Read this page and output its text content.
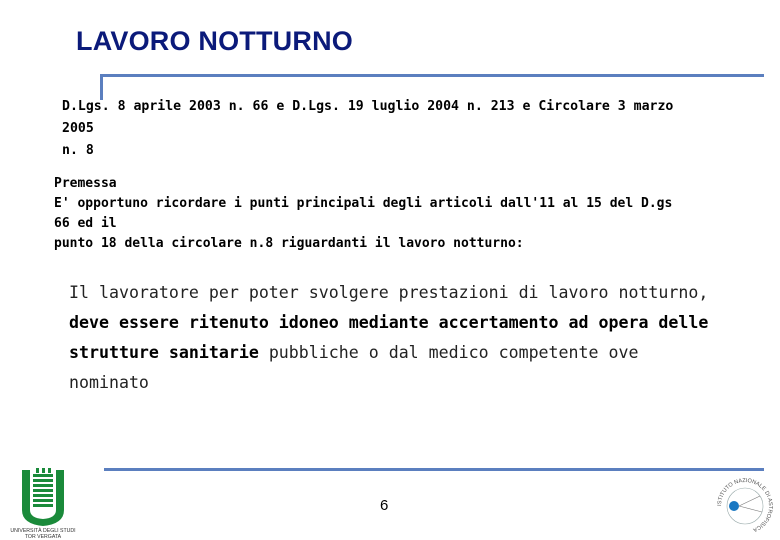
LAVORO NOTTURNO
D.Lgs. 8 aprile 2003 n. 66 e D.Lgs. 19 luglio 2004 n. 213 e Circolare 3 marzo 2005
n. 8
Premessa
E' opportuno ricordare i punti principali degli articoli dall'11 al 15 del D.gs 66 ed il
punto 18 della circolare n.8 riguardanti il lavoro notturno:
Il lavoratore per poter svolgere prestazioni di lavoro notturno, deve essere ritenuto idoneo mediante accertamento ad opera delle strutture sanitarie pubbliche o dal medico competente ove nominato
6
UNIVERSITÀ DEGLI STUDI
TOR VERGATA
ISTITUTO NAZIONALE DI ASTROFISICA
